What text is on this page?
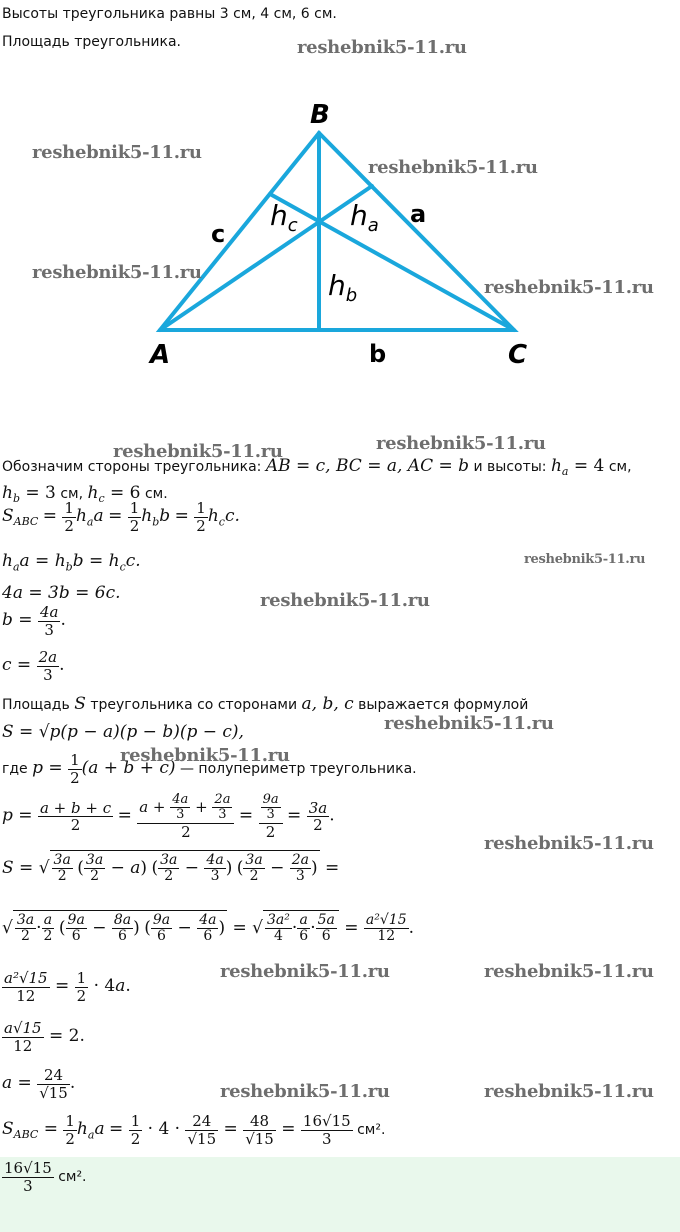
Высоты треугольника равны 3 см, 4 см, 6 см.
Площадь треугольника.
A
B
C
a
b
c
$h_c$ $h_a$
$h_b$
Обозначим стороны треугольника: AB = c, BC = a, AC = b и высоты: $h_a = 4$ см,
$h_b = 3$ см, $h_c = 6$ см.
$S_{ABC} = \frac{1}{2} h_aa = \frac{1}{2} h_bb = \frac{1}{2} h_cc$.
$h_aa = h_bb = h_cc$.
4a = 3b = 6c.
$b = \frac{4a}{3}$ .
$c = \frac{2a}{3}$ .
Площадь S треугольника со сторонами a, b, c выражается формулой
S = √p(p − a)(p − b)(p − c),
где $p = \frac{1}{2} (a + b + c)$ — полупериметр треугольника.
$p = \frac{a + b + c}{2} = \frac{a + \frac{4a}{3} + \frac{2a}{3}}{2} = \frac{\frac{9a}{3}}{2} = \frac{3a}{2}$ .
S = √ $\frac{3a}{2}$ ( $\frac{3a}{2} - a$) ( $\frac{3a}{2} - \frac{4a}{3}$ ) ( $\frac{3a}{2} - \frac{2a}{3}$ ) =
√ $\frac{3a}{2} \cdot \frac{a}{2}$ ( $\frac{9a}{6} - \frac{8a}{6}$ ) ( $\frac{9a}{6} - \frac{4a}{6}$ ) = √ $\frac{\text{3a²}}{4} \cdot \frac{a}{6} \cdot \frac{5a}{6} = \frac{\text{a²√15}}{12}$ .
$\frac{\text{a²√15}}{12} = \frac{1}{2} \cdot 4a$.
$\frac{a√15}{12} = 2$.
$a = \frac{24}{√15}$ .
$S_{ABC} = \frac{1}{2} h_aa = \frac{1}{2} \cdot 4 \cdot \frac{24}{√15} = \frac{48}{√15} = \frac{16√15}{3} см^2$.
$\frac{16√15}{3} см^2$.
reshebnik5-11.ru
reshebnik5-11.ru
reshebnik5-11.ru
reshebnik5-11.ru
reshebnik5-11.ru
reshebnik5-11.ru	reshebnik5-11.ru
reshebnik5-11.ru
reshebnik5-11.ru
reshebnik5-11.ru
reshebnik5-11.ru
reshebnik5-11.ru
reshebnik5-11.ru	reshebnik5-11.ru
reshebnik5-11.ru	reshebnik5-11.ru
